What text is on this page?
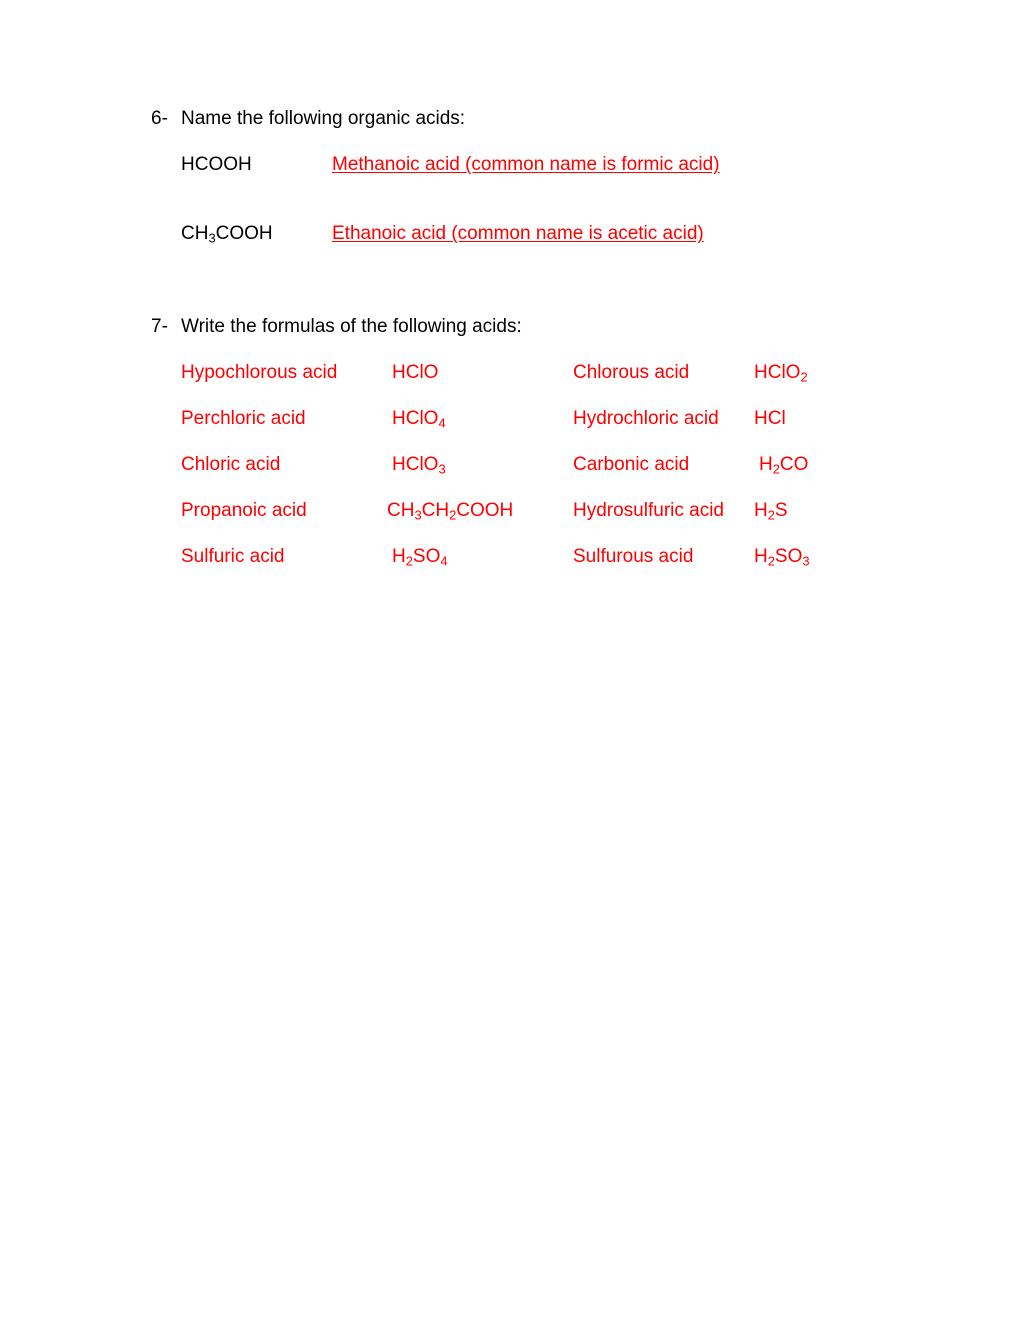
6- Name the following organic acids:
HCOOH	Methanoic acid (common name is formic acid)
$CH_3COOH$	Ethanoic acid (common name is acetic acid)
7- Write the formulas of the following acids:
Hypochlorous acid	HClO	Chlorous acid	HClO$_2$
Perchloric acid	HClO$_4$	Hydrochloric acid HCl
Chloric acid	HClO$_3$	Carbonic acid	$H_2CO$
Propanoic acid	$CH_3CH_2COOH$	Hydrosulfuric acid $H_2S$
Sulfuric acid	$H_2SO_4$	Sulfurous acid	$H_2SO_3$
